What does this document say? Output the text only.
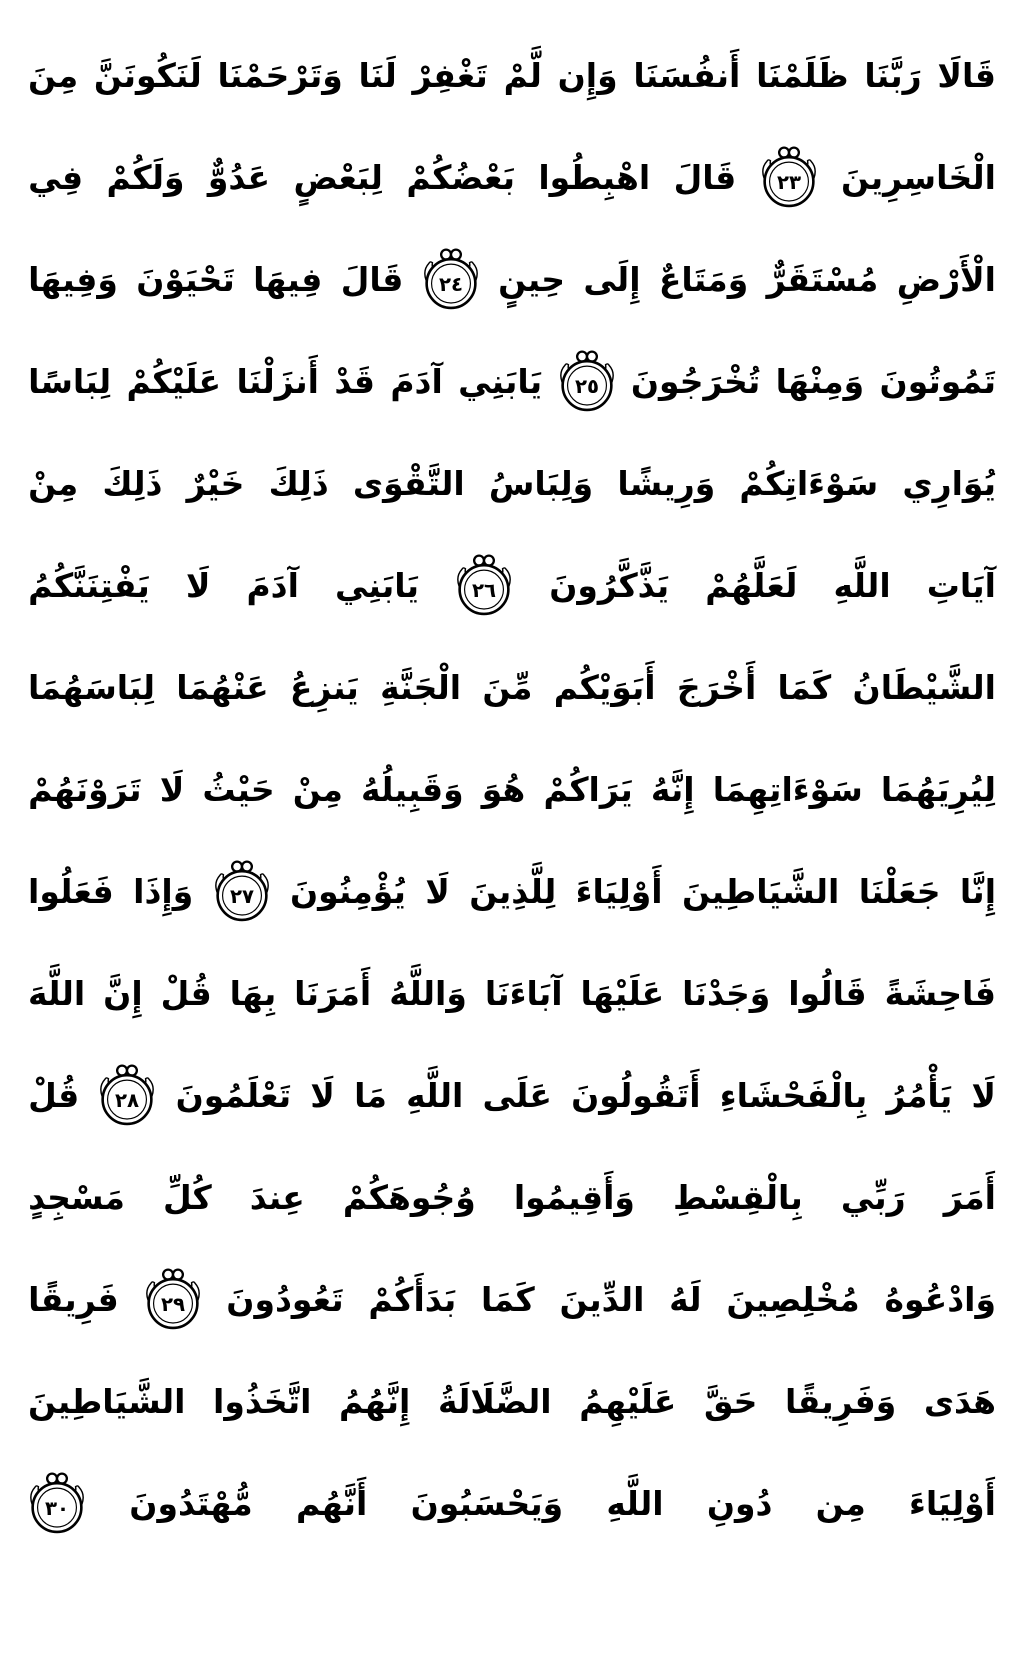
قَالَا
رَبَّنَا
ظَلَمْنَا
أَنفُسَنَا
وَإِن
لَّمْ
تَغْفِرْ
لَنَا
وَتَرْحَمْنَا
لَنَكُونَنَّ
مِنَ
الْخَاسِرِينَ
٢٣
قَالَ
اهْبِطُوا
بَعْضُكُمْ
لِبَعْضٍ
عَدُوٌّ
وَلَكُمْ
فِي
الْأَرْضِ
مُسْتَقَرٌّ
وَمَتَاعٌ
إِلَى
حِينٍ
٢٤
قَالَ
فِيهَا
تَحْيَوْنَ
وَفِيهَا
تَمُوتُونَ
وَمِنْهَا
تُخْرَجُونَ
٢٥
يَابَنِي
آدَمَ
قَدْ
أَنزَلْنَا
عَلَيْكُمْ
لِبَاسًا
يُوَارِي
سَوْءَاتِكُمْ
وَرِيشًا
وَلِبَاسُ
التَّقْوَى
ذَلِكَ
خَيْرٌ
ذَلِكَ
مِنْ
آيَاتِ
اللَّهِ
لَعَلَّهُمْ
يَذَّكَّرُونَ
٢٦
يَابَنِي
آدَمَ
لَا
يَفْتِنَنَّكُمُ
الشَّيْطَانُ
كَمَا
أَخْرَجَ
أَبَوَيْكُم
مِّنَ
الْجَنَّةِ
يَنزِعُ
عَنْهُمَا
لِبَاسَهُمَا
لِيُرِيَهُمَا
سَوْءَاتِهِمَا
إِنَّهُ
يَرَاكُمْ
هُوَ
وَقَبِيلُهُ
مِنْ
حَيْثُ
لَا
تَرَوْنَهُمْ
إِنَّا
جَعَلْنَا
الشَّيَاطِينَ
أَوْلِيَاءَ
لِلَّذِينَ
لَا
يُؤْمِنُونَ
٢٧
وَإِذَا
فَعَلُوا
فَاحِشَةً
قَالُوا
وَجَدْنَا
عَلَيْهَا
آبَاءَنَا
وَاللَّهُ
أَمَرَنَا
بِهَا
قُلْ
إِنَّ
اللَّهَ
لَا
يَأْمُرُ
بِالْفَحْشَاءِ
أَتَقُولُونَ
عَلَى
اللَّهِ
مَا
لَا
تَعْلَمُونَ
٢٨
قُلْ
أَمَرَ
رَبِّي
بِالْقِسْطِ
وَأَقِيمُوا
وُجُوهَكُمْ
عِندَ
كُلِّ
مَسْجِدٍ
وَادْعُوهُ
مُخْلِصِينَ
لَهُ
الدِّينَ
كَمَا
بَدَأَكُمْ
تَعُودُونَ
٢٩
فَرِيقًا
هَدَى
وَفَرِيقًا
حَقَّ
عَلَيْهِمُ
الضَّلَالَةُ
إِنَّهُمُ
اتَّخَذُوا
الشَّيَاطِينَ
أَوْلِيَاءَ
مِن
دُونِ
اللَّهِ
وَيَحْسَبُونَ
أَنَّهُم
مُّهْتَدُونَ
٣٠
